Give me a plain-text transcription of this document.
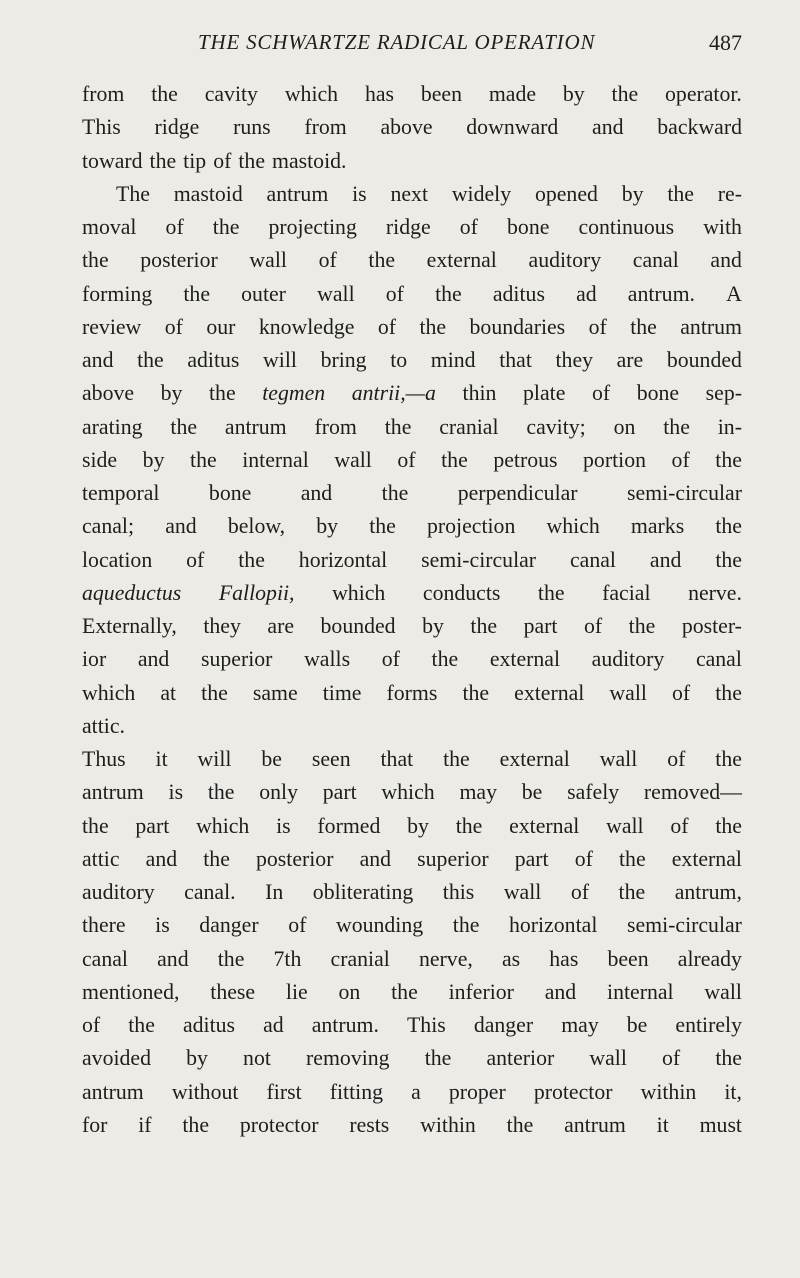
THE SCHWARTZE RADICAL OPERATION	487
from the cavity which has been made by the operator.
This ridge runs from above downward and backward
toward the tip of the mastoid.
The mastoid antrum is next widely opened by the re-
moval of the projecting ridge of bone continuous with
the posterior wall of the external auditory canal and
forming the outer wall of the aditus ad antrum. A
review of our knowledge of the boundaries of the antrum
and the aditus will bring to mind that they are bounded
above by the tegmen antrii,—a thin plate of bone sep-
arating the antrum from the cranial cavity; on the in-
side by the internal wall of the petrous portion of the
temporal bone and the perpendicular semi-circular
canal; and below, by the projection which marks the
location of the horizontal semi-circular canal and the
aqueductus Fallopii, which conducts the facial nerve.
Externally, they are bounded by the part of the poster-
ior and superior walls of the external auditory canal
which at the same time forms the external wall of the
attic.
Thus it will be seen that the external wall of the
antrum is the only part which may be safely removed—
the part which is formed by the external wall of the
attic and the posterior and superior part of the external
auditory canal. In obliterating this wall of the antrum,
there is danger of wounding the horizontal semi-circular
canal and the 7th cranial nerve, as has been already
mentioned, these lie on the inferior and internal wall
of the aditus ad antrum. This danger may be entirely
avoided by not removing the anterior wall of the
antrum without first fitting a proper protector within it,
for if the protector rests within the antrum it must
